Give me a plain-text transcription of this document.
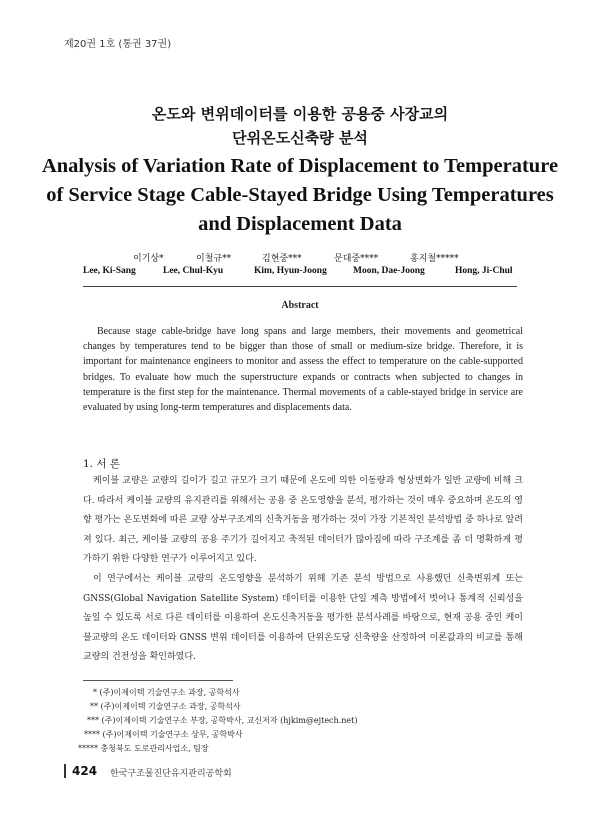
제20권 1호 (통권 37권)
온도와 변위데이터를 이용한 공용중 사장교의
단위온도신축량 분석
Analysis of Variation Rate of Displacement to Temperature
of Service Stage Cable-Stayed Bridge Using Temperatures
and Displacement Data
이기상*	이철규**	김현중***	문대중****	홍지철*****
Lee, Ki-Sang	Lee, Chul-Kyu	Kim, Hyun-Joong	Moon, Dae-Joong	Hong, Ji-Chul
Abstract
Because stage cable-bridge have long spans and large members, their movements and geometrical changes by temperatures tend to be bigger than those of small or medium-size bridge. Therefore, it is important for maintenance engineers to monitor and assess the effect to temperature on the cable-supported bridges. To evaluate how much the superstructure expands or contracts when subjected to changes in temperature is the first step for the maintenance. Thermal movements of a cable-stayed bridge in service are evaluated by using long-term temperatures and displacements data.
1. 서 론
케이블 교량은 교량의 길이가 길고 규모가 크기 때문에 온도에 의한 이동량과 형상변화가 일반 교량에 비해 크다. 따라서 케이블 교량의 유지관리를 위해서는 공용 중 온도영향을 분석, 평가하는 것이 매우 중요하며 온도의 영향 평가는 온도변화에 따른 교량 상부구조계의 신축거동을 평가하는 것이 가장 기본적인 분석방법 중 하나로 알려져 있다. 최근, 케이블 교량의 공용 주기가 길어지고 축적된 데이터가 많아짐에 따라 구조계를 좀 더 명확하게 평가하기 위한 다양한 연구가 이루어지고 있다.
이 연구에서는 케이블 교량의 온도영향을 분석하기 위해 기존 분석 방법으로 사용했던 신축변위계 또는 GNSS(Global Navigation Satellite System) 데이터를 이용한 단일 계측 방법에서 벗어나 통계적 신뢰성을 높일 수 있도록 서로 다른 데이터를 이용하여 온도신축거동을 평가한 분석사례를 바탕으로, 현재 공용 중인 케이블교량의 온도 데이터와 GNSS 변위 데이터를 이용하여 단위온도당 신축량을 산정하여 이론값과의 비교를 통해 교량의 건전성을 확인하였다.
* (주)이제이텍 기술연구소 과장, 공학석사
** (주)이제이텍 기술연구소 과장, 공학석사
*** (주)이제이텍 기술연구소 부장, 공학박사, 교신저자 (hjkim@ejtech.net)
**** (주)이제이텍 기술연구소 상무, 공학박사
***** 충청북도 도로관리사업소, 팀장
424 한국구조물진단유지관리공학회
